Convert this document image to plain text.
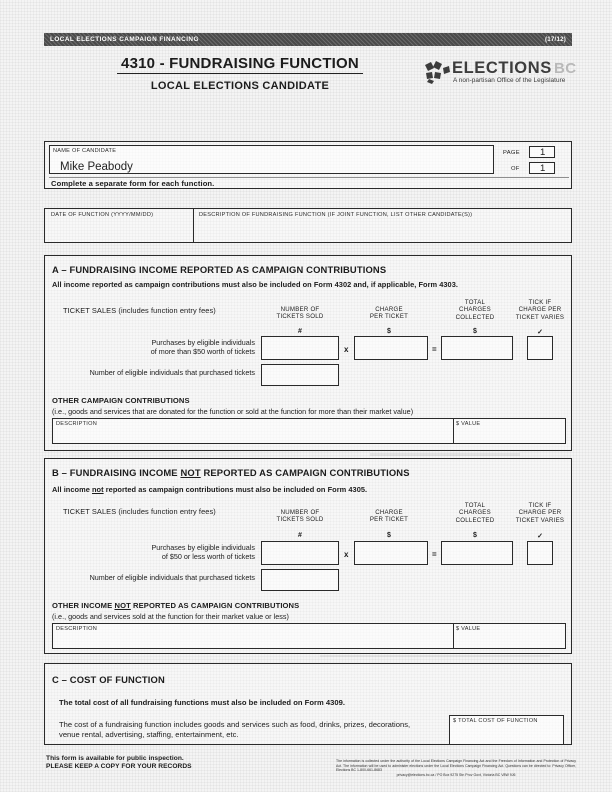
LOCAL ELECTIONS CAMPAIGN FINANCING	(17/12)
4310 - FUNDRAISING FUNCTION
LOCAL ELECTIONS CANDIDATE
ELECTIONS BC
A non-partisan Office of the Legislature
NAME OF CANDIDATE
Mike Peabody
PAGE 1
OF 1
Complete a separate form for each function.
DATE OF FUNCTION (YYYY/MM/DD)	DESCRIPTION OF FUNDRAISING FUNCTION (IF JOINT FUNCTION, LIST OTHER CANDIDATE(S))
A – FUNDRAISING INCOME REPORTED AS CAMPAIGN CONTRIBUTIONS
All income reported as campaign contributions must also be included on Form 4302 and, if applicable, Form 4303.
TICKET SALES (includes function entry fees)	NUMBER OF
TICKETS SOLD
CHARGE
PER TICKET
TOTAL
CHARGES
COLLECTED
TICK IF
CHARGE PER
TICKET VARIES
#	$	$	✓
Purchases by eligible individuals
of more than $50 worth of tickets	x	=
Number of eligible individuals that purchased tickets
OTHER CAMPAIGN CONTRIBUTIONS
(i.e., goods and services that are donated for the function or sold at the function for more than their market value)
DESCRIPTION	$ VALUE
B – FUNDRAISING INCOME NOT REPORTED AS CAMPAIGN CONTRIBUTIONS
All income not reported as campaign contributions must also be included on Form 4305.
TICKET SALES (includes function entry fees)	NUMBER OF
TICKETS SOLD
CHARGE
PER TICKET
TOTAL
CHARGES
COLLECTED
TICK IF
CHARGE PER
TICKET VARIES
#	$	$	✓
Purchases by eligible individuals
of $50 or less worth of tickets	x	=
Number of eligible individuals that purchased tickets
OTHER INCOME NOT REPORTED AS CAMPAIGN CONTRIBUTIONS
(i.e., goods and services sold at the function for their market value or less)
DESCRIPTION	$ VALUE
C – COST OF FUNCTION
The total cost of all fundraising functions must also be included on Form 4309.
The cost of a fundraising function includes goods and services such as food, drinks, prizes, decorations,
venue rental, advertising, staffing, entertainment, etc.
$ TOTAL COST OF FUNCTION
This form is available for public inspection.
PLEASE KEEP A COPY FOR YOUR RECORDS
The information is collected under the authority of the Local Elections Campaign Financing Act and the Freedom of Information and Protection of Privacy Act. The information will be used to administer elections under the Local Elections Campaign Financing Act. Questions can be directed to: Privacy Officer, Elections BC 1-800-661-8683
privacy@elections.bc.ca / PO Box 9275 Stn Prov Govt, Victoria BC V8W 9J6
